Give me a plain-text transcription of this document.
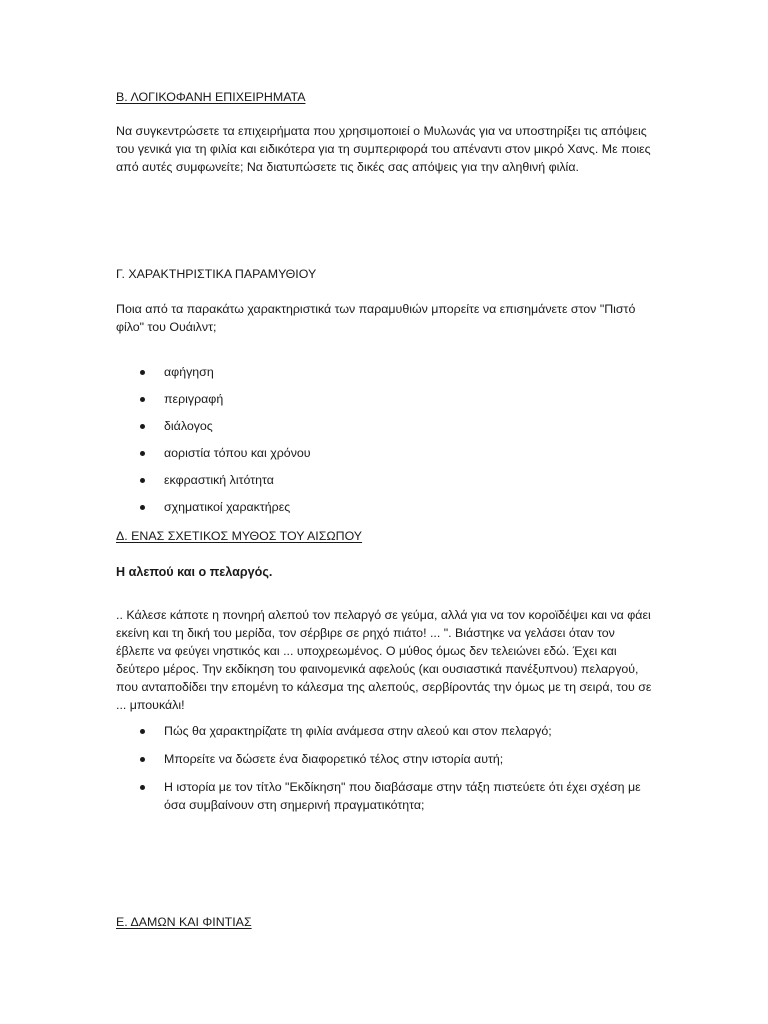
Β. ΛΟΓΙΚΟΦΑΝΗ ΕΠΙΧΕΙΡΗΜΑΤΑ

Να συγκεντρώσετε τα επιχειρήματα που χρησιμοποιεί ο Μυλωνάς για να υποστηρίξει τις απόψεις του γενικά για τη φιλία και ειδικότερα για τη συμπεριφορά του απέναντι στον μικρό Χανς. Με ποιες από αυτές συμφωνείτε; Να διατυπώσετε τις δικές σας απόψεις για την αληθινή φιλία.

Γ. ΧΑΡΑΚΤΗΡΙΣΤΙΚΑ ΠΑΡΑΜΥΘΙΟΥ

Ποια από τα παρακάτω χαρακτηριστικά των παραμυθιών μπορείτε να επισημάνετε στον "Πιστό φίλο" του Ουάιλντ;

αφήγηση
περιγραφή
διάλογος
αοριστία τόπου και χρόνου
εκφραστική λιτότητα
σχηματικοί χαρακτήρες

Δ. ΕΝΑΣ ΣΧΕΤΙΚΟΣ ΜΥΘΟΣ ΤΟΥ ΑΙΣΩΠΟΥ

Η αλεπού και ο πελαργός.

.. Κάλεσε κάποτε η πονηρή αλεπού τον πελαργό σε γεύμα, αλλά για να τον κοροϊδέψει και να φάει εκείνη και τη δική του μερίδα, τον σέρβιρε σε ρηχό πιάτο! ... ". Βιάστηκε να γελάσει όταν τον έβλεπε να φεύγει νηστικός και ... υποχρεωμένος. Ο μύθος όμως δεν τελειώνει εδώ. Έχει και δεύτερο μέρος. Την εκδίκηση του φαινομενικά αφελούς (και ουσιαστικά πανέξυπνου) πελαργού, που ανταποδίδει την επομένη το κάλεσμα της αλεπούς, σερβίροντάς την όμως με τη σειρά, του σε ... μπουκάλι!

Πώς θα χαρακτηρίζατε τη φιλία ανάμεσα στην αλεού και στον πελαργό;
Μπορείτε να δώσετε ένα διαφορετικό τέλος στην ιστορία αυτή;
Η ιστορία με τον τίτλο "Εκδίκηση" που διαβάσαμε στην τάξη πιστεύετε ότι έχει σχέση με όσα συμβαίνουν στη σημερινή πραγματικότητα;

Ε. ΔΑΜΩΝ ΚΑΙ ΦΙΝΤΙΑΣ
